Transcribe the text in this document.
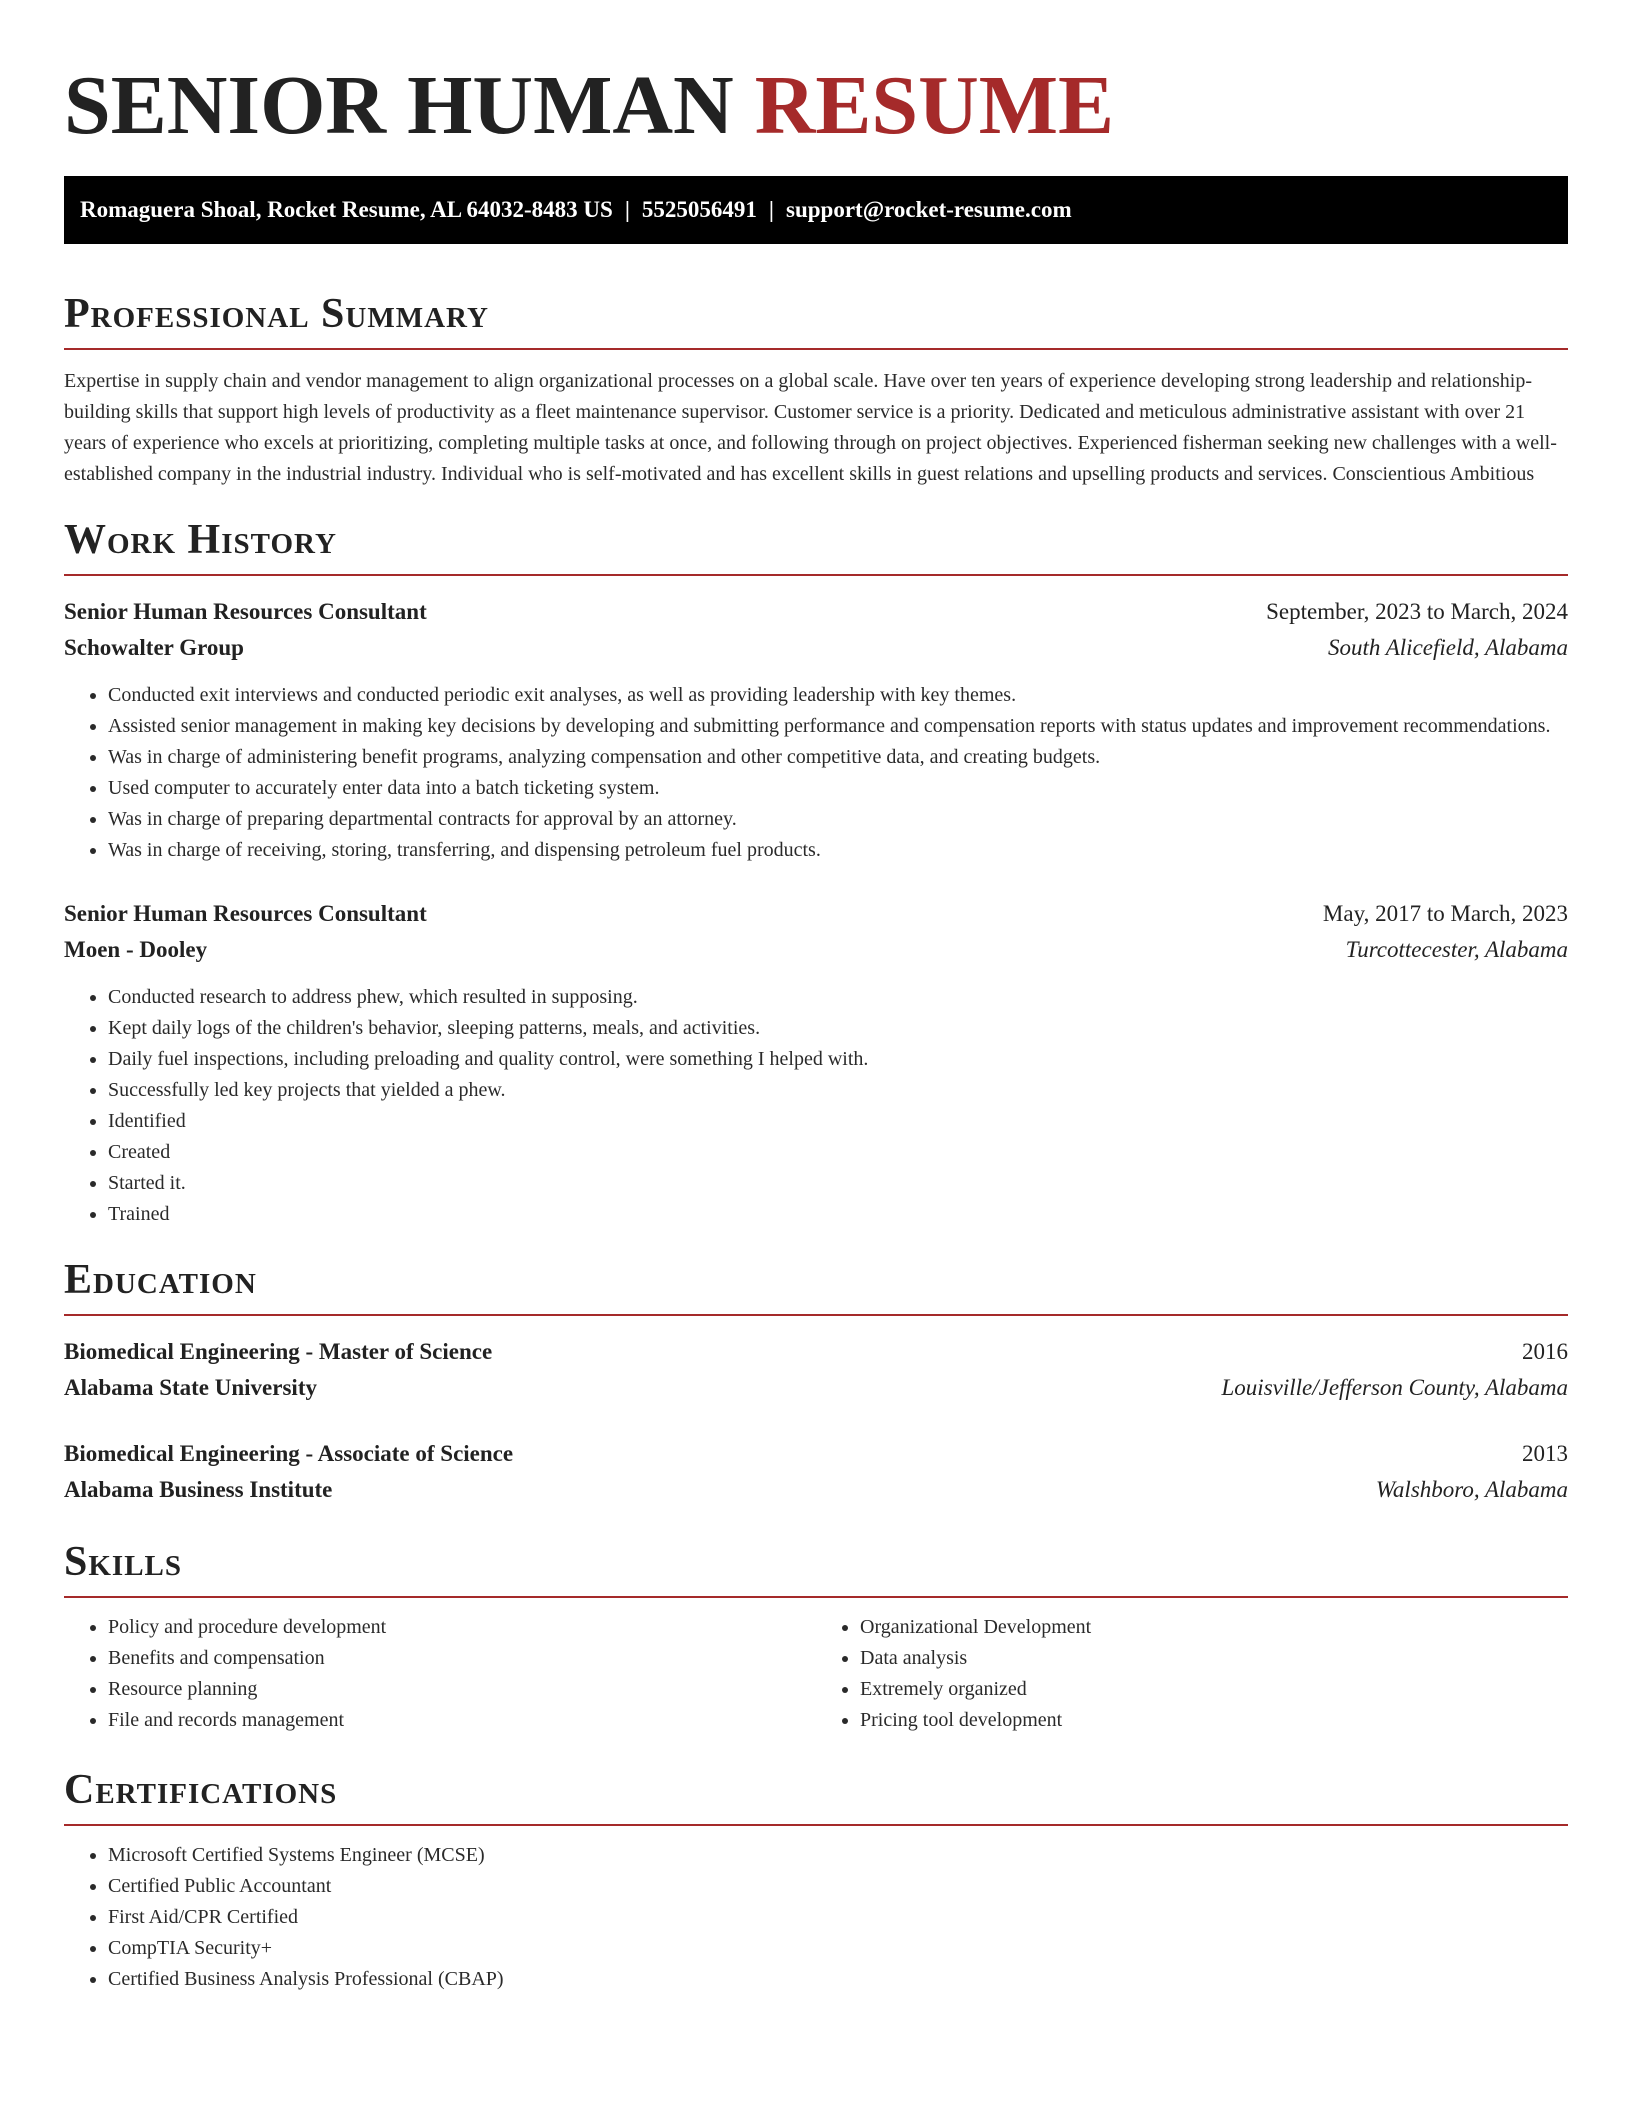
SENIOR HUMAN RESUME
Romaguera Shoal, Rocket Resume, AL 64032-8483 US | 5525056491 | support@rocket-resume.com
Professional Summary

Expertise in supply chain and vendor management to align organizational processes on a global scale. Have over ten years of experience developing strong leadership and relationship-building skills that support high levels of productivity as a fleet maintenance supervisor. Customer service is a priority. Dedicated and meticulous administrative assistant with over 21 years of experience who excels at prioritizing, completing multiple tasks at once, and following through on project objectives. Experienced fisherman seeking new challenges with a well-established company in the industrial industry. Individual who is self-motivated and has excellent skills in guest relations and upselling products and services. Conscientious Ambitious

Work History
Senior Human Resources Consultant	September, 2023 to March, 2024
Schowalter Group	South Alicefield, Alabama
• Conducted exit interviews and conducted periodic exit analyses, as well as providing leadership with key themes.
• Assisted senior management in making key decisions by developing and submitting performance and compensation reports with status updates and improvement recommendations.
• Was in charge of administering benefit programs, analyzing compensation and other competitive data, and creating budgets.
• Used computer to accurately enter data into a batch ticketing system.
• Was in charge of preparing departmental contracts for approval by an attorney.
• Was in charge of receiving, storing, transferring, and dispensing petroleum fuel products.
Senior Human Resources Consultant	May, 2017 to March, 2023
Moen - Dooley	Turcottecester, Alabama
• Conducted research to address phew, which resulted in supposing.
• Kept daily logs of the children's behavior, sleeping patterns, meals, and activities.
• Daily fuel inspections, including preloading and quality control, were something I helped with.
• Successfully led key projects that yielded a phew.
• Identified
• Created
• Started it.
• Trained
Education
Biomedical Engineering - Master of Science	2016
Alabama State University	Louisville/Jefferson County, Alabama
Biomedical Engineering - Associate of Science	2013
Alabama Business Institute	Walshboro, Alabama
Skills
• Policy and procedure development
• Benefits and compensation
• Resource planning
• File and records management
• Organizational Development
• Data analysis
• Extremely organized
• Pricing tool development
Certifications
• Microsoft Certified Systems Engineer (MCSE)
• Certified Public Accountant
• First Aid/CPR Certified
• CompTIA Security+
• Certified Business Analysis Professional (CBAP)
